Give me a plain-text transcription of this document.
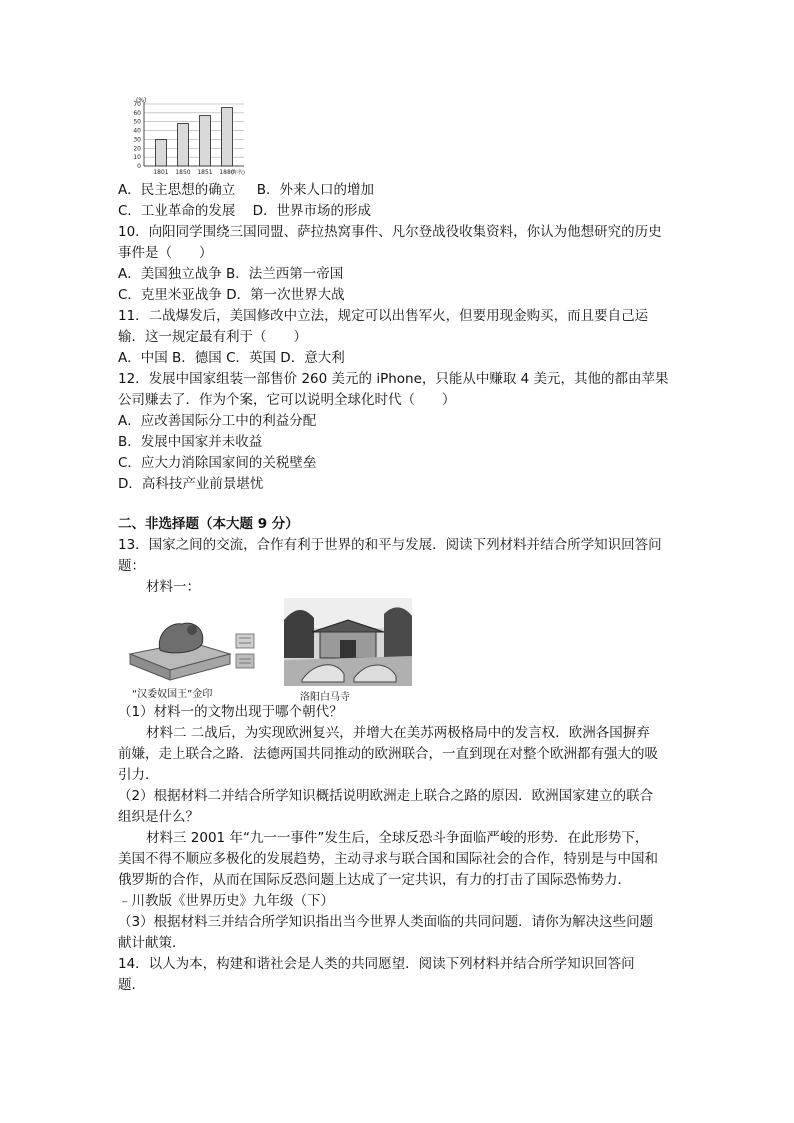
0
10
20
30
40
50
60
70
(%)
1801 1850 1851 1880
(年代)
A．民主思想的确立 B．外来人口的增加
C．工业革命的发展 D．世界市场的形成
10．向阳同学围绕三国同盟、萨拉热窝事件、凡尔登战役收集资料，你认为他想研究的历史
事件是（　　）
A．美国独立战争 B．法兰西第一帝国
C．克里米亚战争 D．第一次世界大战
11．二战爆发后，美国修改中立法，规定可以出售军火，但要用现金购买，而且要自己运
输．这一规定最有利于（　　）
A．中国 B．德国 C．英国 D．意大利
12．发展中国家组装一部售价 260 美元的 iPhone，只能从中赚取 4 美元，其他的都由苹果
公司赚去了．作为个案，它可以说明全球化时代（　　）
A．应改善国际分工中的利益分配
B．发展中国家并未收益
C．应大力消除国家间的关税壁垒
D．高科技产业前景堪忧
二、非选择题（本大题 9 分）
13．国家之间的交流，合作有利于世界的和平与发展．阅读下列材料并结合所学知识回答问
题：
材料一：
“汉委奴国王”金印	洛阳白马寺
（1）材料一的文物出现于哪个朝代？
材料二 二战后，为实现欧洲复兴，并增大在美苏两极格局中的发言权．欧洲各国摒弃
前嫌，走上联合之路．法德两国共同推动的欧洲联合，一直到现在对整个欧洲都有强大的吸
引力．
（2）根据材料二并结合所学知识概括说明欧洲走上联合之路的原因．欧洲国家建立的联合
组织是什么？
材料三 2001 年“九一一事件”发生后，全球反恐斗争面临严峻的形势．在此形势下，
美国不得不顺应多极化的发展趋势，主动寻求与联合国和国际社会的合作，特别是与中国和
俄罗斯的合作，从而在国际反恐问题上达成了一定共识，有力的打击了国际恐怖势力．
﹣川教版《世界历史》九年级（下）
（3）根据材料三并结合所学知识指出当今世界人类面临的共同问题．请你为解决这些问题
献计献策．
14．以人为本，构建和谐社会是人类的共同愿望．阅读下列材料并结合所学知识回答问
题．
